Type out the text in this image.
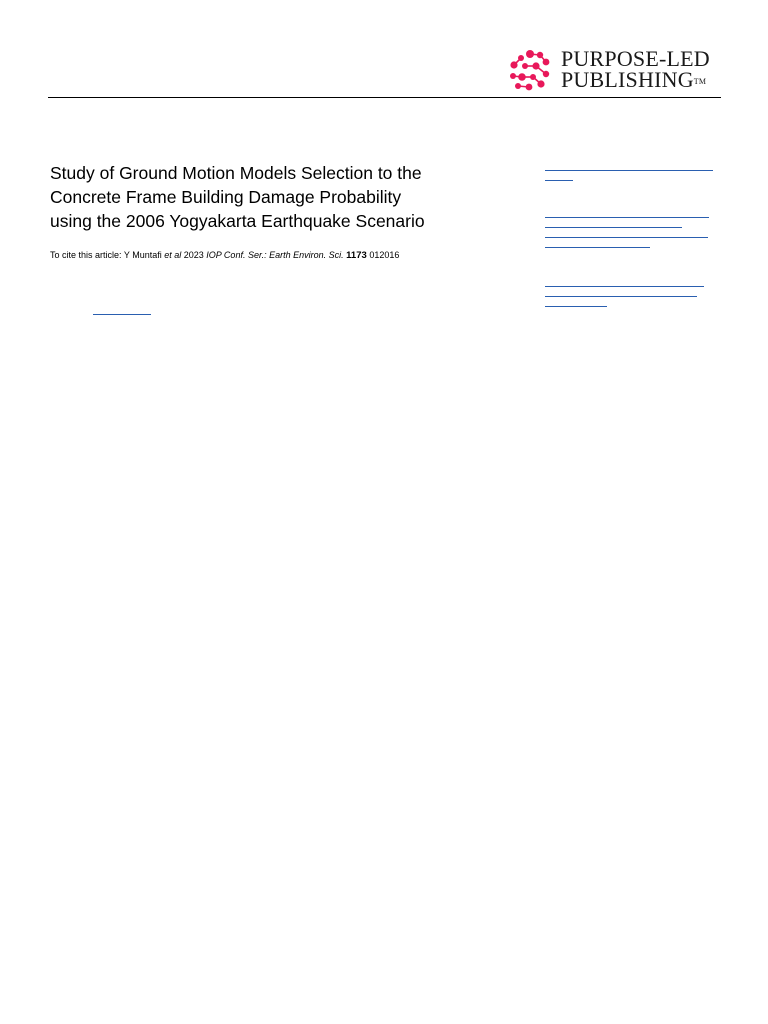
PURPOSE-LED
PUBLISHING™
Study of Ground Motion Models Selection to the
Concrete Frame Building Damage Probability
using the 2006 Yogyakarta Earthquake Scenario
To cite this article: Y Muntafi et al 2023 IOP Conf. Ser.: Earth Environ. Sci. 1173 012016
